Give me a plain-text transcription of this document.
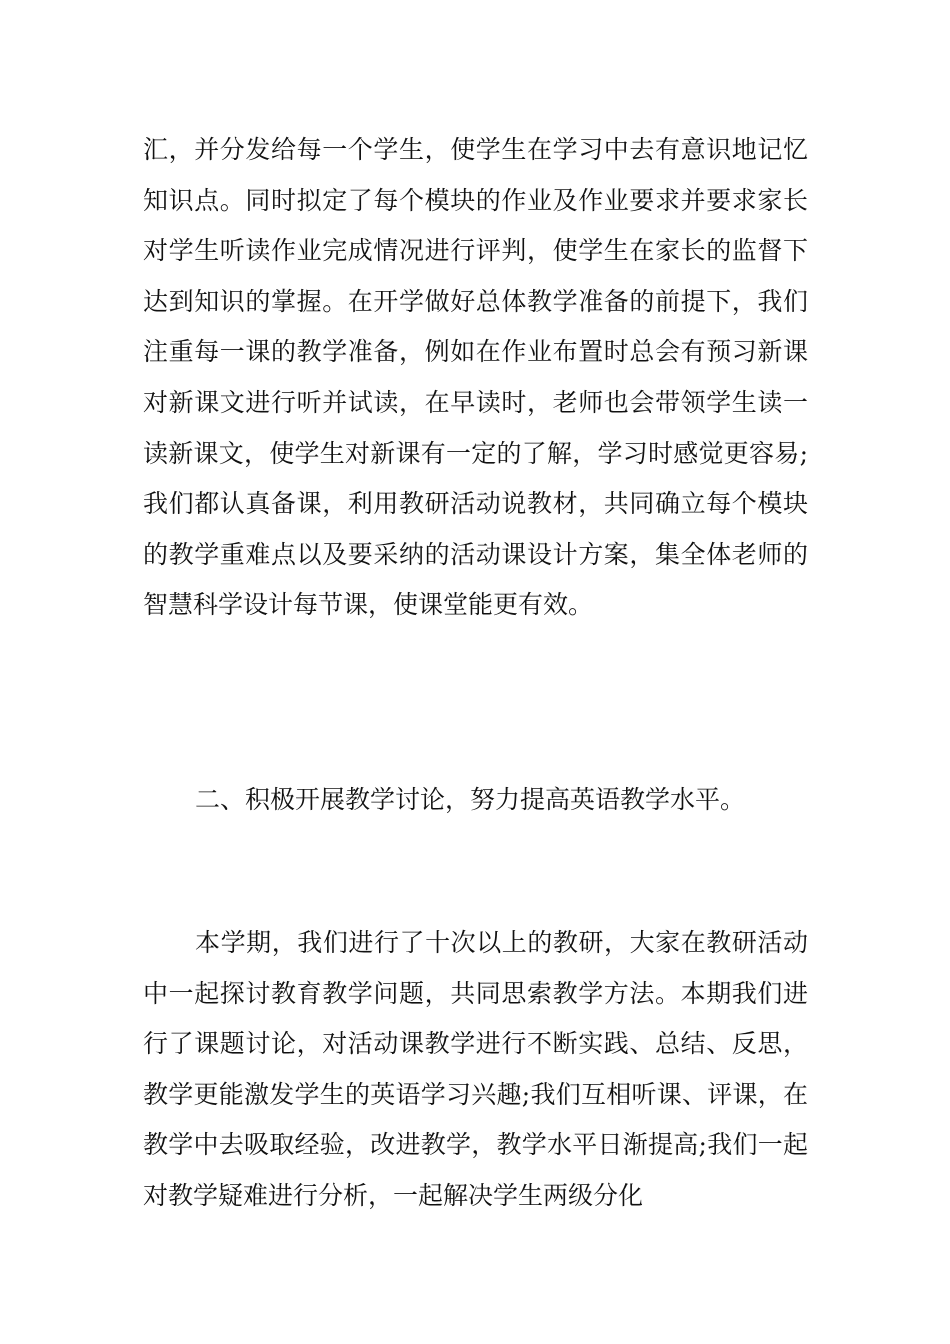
汇，并分发给每一个学生，使学生在学习中去有意识地记忆知识点。同时拟定了每个模块的作业及作业要求并要求家长对学生听读作业完成情况进行评判，使学生在家长的监督下达到知识的掌握。在开学做好总体教学准备的前提下，我们注重每一课的教学准备，例如在作业布置时总会有预习新课对新课文进行听并试读，在早读时，老师也会带领学生读一读新课文，使学生对新课有一定的了解，学习时感觉更容易;我们都认真备课，利用教研活动说教材，共同确立每个模块的教学重难点以及要采纳的活动课设计方案，集全体老师的智慧科学设计每节课，使课堂能更有效。

二、积极开展教学讨论，努力提高英语教学水平。

本学期，我们进行了十次以上的教研，大家在教研活动中一起探讨教育教学问题，共同思索教学方法。本期我们进行了课题讨论，对活动课教学进行不断实践、总结、反思，教学更能激发学生的英语学习兴趣;我们互相听课、评课，在教学中去吸取经验，改进教学，教学水平日渐提高;我们一起对教学疑难进行分析，一起解决学生两级分化
